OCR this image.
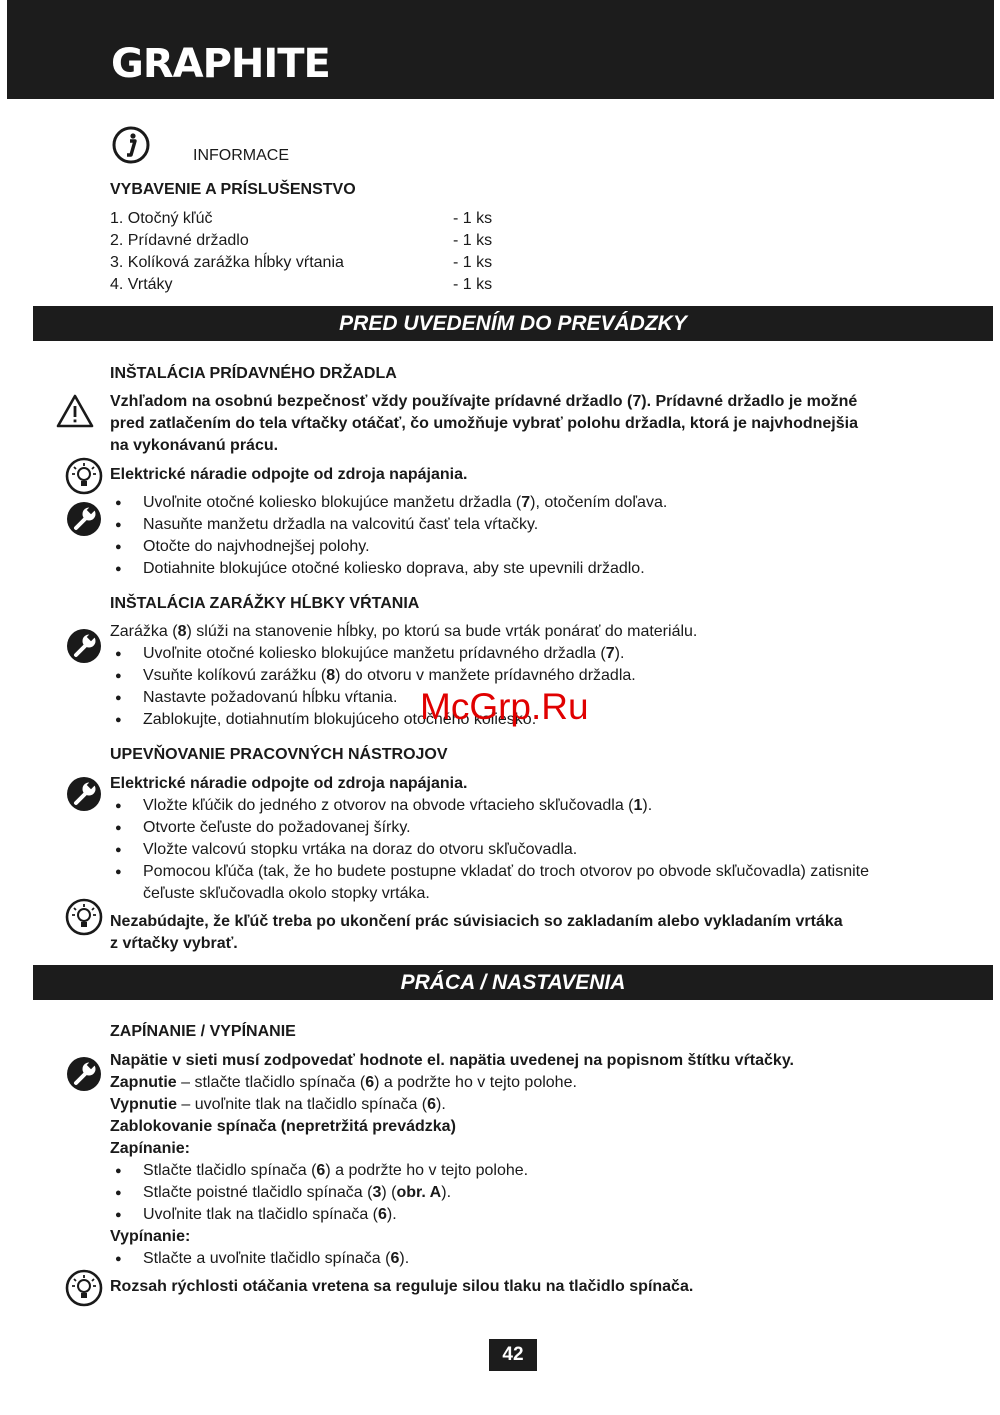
GRAPHITE
INFORMACE
VYBAVENIE A PRÍSLUŠENSTVO
1. Otočný kľúč	- 1 ks
2. Prídavné držadlo	- 1 ks
3. Kolíková zarážka hĺbky vŕtania	- 1 ks
4. Vrtáky	- 1 ks
PRED UVEDENÍM DO PREVÁDZKY
INŠTALÁCIA PRÍDAVNÉHO DRŽADLA
Vzhľadom na osobnú bezpečnosť vždy používajte prídavné držadlo (7). Prídavné držadlo je možné
pred zatlačením do tela vŕtačky otáčať, čo umožňuje vybrať polohu držadla, ktorá je najvhodnejšia
na vykonávanú prácu.
Elektrické náradie odpojte od zdroja napájania.
● Uvoľnite otočné koliesko blokujúce manžetu držadla (7), otočením doľava.
● Nasuňte manžetu držadla na valcovitú časť tela vŕtačky.
● Otočte do najvhodnejšej polohy.
● Dotiahnite blokujúce otočné koliesko doprava, aby ste upevnili držadlo.
INŠTALÁCIA ZARÁŽKY HĹBKY VŔTANIA
Zarážka (8) slúži na stanovenie hĺbky, po ktorú sa bude vrták ponárať do materiálu.
● Uvoľnite otočné koliesko blokujúce manžetu prídavného držadla (7).
● Vsuňte kolíkovú zarážku (8) do otvoru v manžete prídavného držadla.
● Nastavte požadovanú hĺbku vŕtania.
● Zablokujte, dotiahnutím blokujúceho otočného koliesko.
UPEVŇOVANIE PRACOVNÝCH NÁSTROJOV
Elektrické náradie odpojte od zdroja napájania.
● Vložte kľúčik do jedného z otvorov na obvode vŕtacieho skľučovadla (1).
● Otvorte čeľuste do požadovanej šírky.
● Vložte valcovú stopku vrtáka na doraz do otvoru skľučovadla.
● Pomocou kľúča (tak, že ho budete postupne vkladať do troch otvorov po obvode skľučovadla) zatisnite
čeľuste skľučovadla okolo stopky vrtáka.
Nezabúdajte, že kľúč treba po ukončení prác súvisiacich so zakladaním alebo vykladaním vrtáka
z vŕtačky vybrať.
PRÁCA / NASTAVENIA
ZAPÍNANIE / VYPÍNANIE
Napätie v sieti musí zodpovedať hodnote el. napätia uvedenej na popisnom štítku vŕtačky.
Zapnutie – stlačte tlačidlo spínača (6) a podržte ho v tejto polohe.
Vypnutie – uvoľnite tlak na tlačidlo spínača (6).
Zablokovanie spínača (nepretržitá prevádzka)
Zapínanie:
● Stlačte tlačidlo spínača (6) a podržte ho v tejto polohe.
● Stlačte poistné tlačidlo spínača (3) (obr. A).
● Uvoľnite tlak na tlačidlo spínača (6).
Vypínanie:
● Stlačte a uvoľnite tlačidlo spínača (6).
Rozsah rýchlosti otáčania vretena sa reguluje silou tlaku na tlačidlo spínača.
McGrp.Ru
42
